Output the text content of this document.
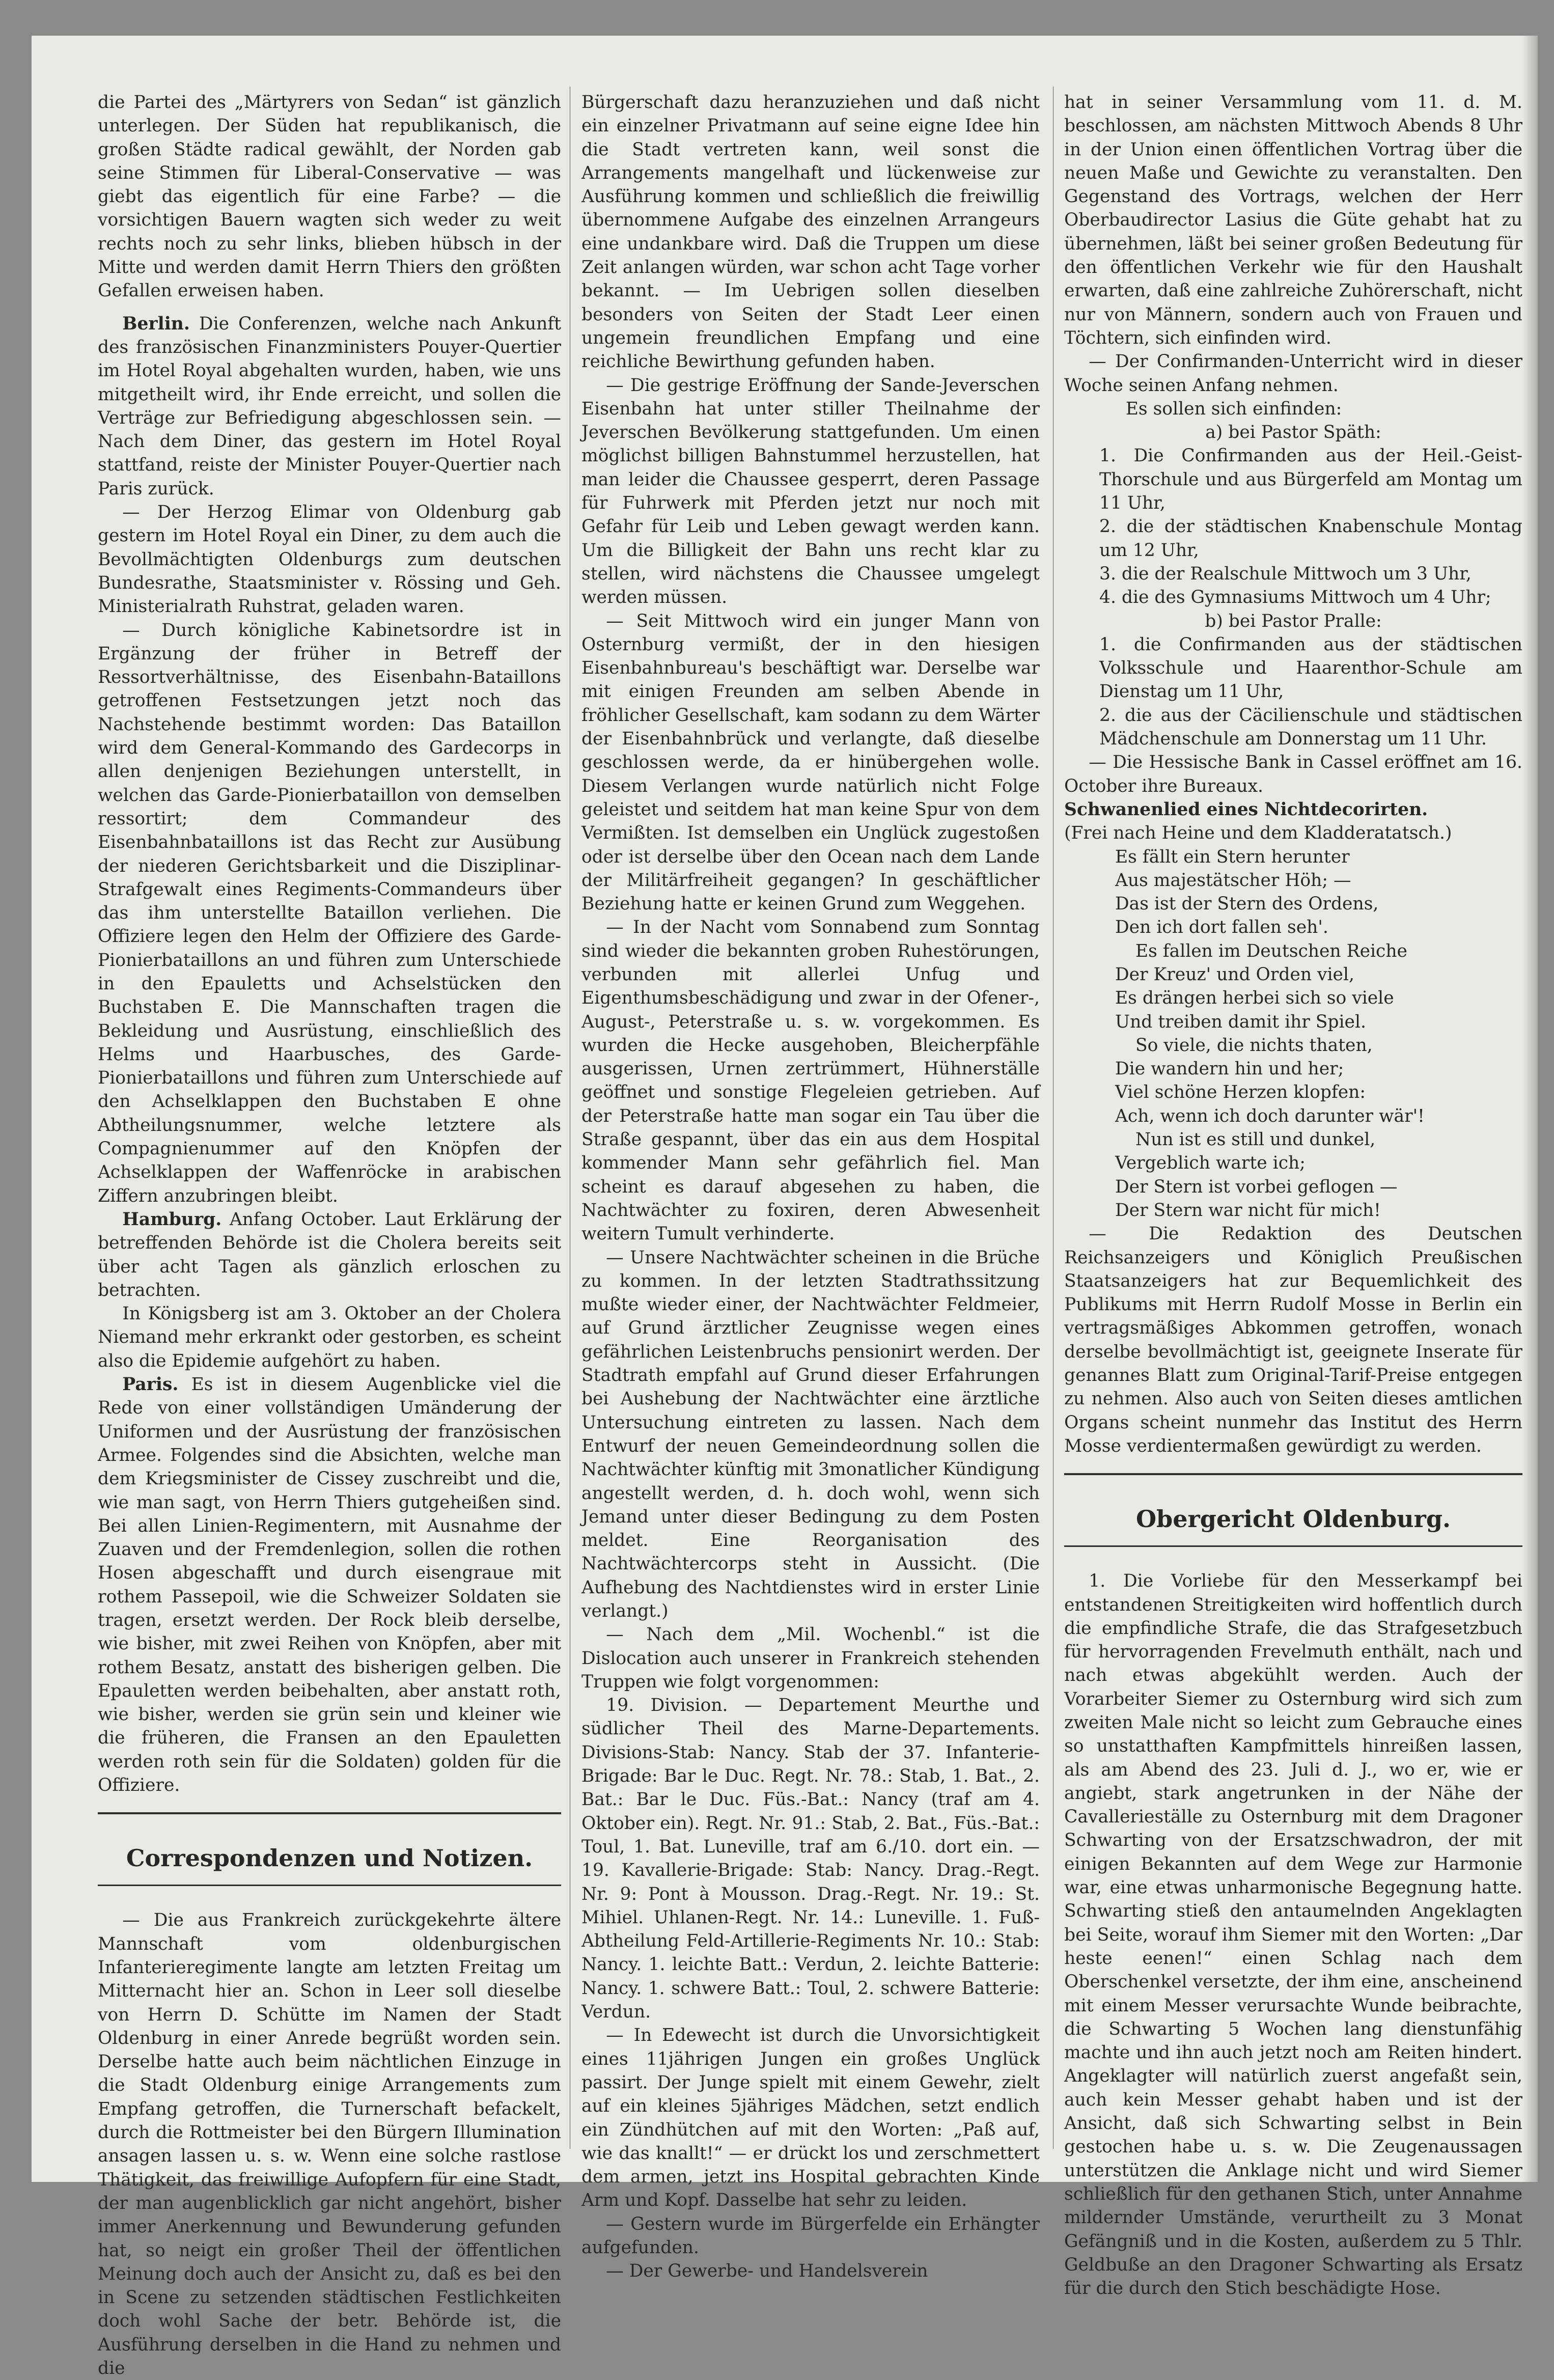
die Partei des „Märtyrers von Sedan“ ist gänzlich unterlegen. Der Süden hat republikanisch, die großen Städte radical gewählt, der Norden gab seine Stimmen für Liberal-Conservative — was giebt das eigentlich für eine Farbe? — die vorsichtigen Bauern wagten sich weder zu weit rechts noch zu sehr links, blieben hübsch in der Mitte und werden damit Herrn Thiers den größten Gefallen erweisen haben.

Berlin. Die Conferenzen, welche nach Ankunft des französischen Finanzministers Pouyer-Quertier im Hotel Royal abgehalten wurden, haben, wie uns mitgetheilt wird, ihr Ende erreicht, und sollen die Verträge zur Befriedigung abgeschlossen sein. — Nach dem Diner, das gestern im Hotel Royal stattfand, reiste der Minister Pouyer-Quertier nach Paris zurück.

— Der Herzog Elimar von Oldenburg gab gestern im Hotel Royal ein Diner, zu dem auch die Bevollmächtigten Oldenburgs zum deutschen Bundesrathe, Staatsminister v. Rössing und Geh. Ministerialrath Ruhstrat, geladen waren.

— Durch königliche Kabinetsordre ist in Ergänzung der früher in Betreff der Ressortverhältnisse, des Eisenbahn-Bataillons getroffenen Festsetzungen jetzt noch das Nachstehende bestimmt worden: Das Bataillon wird dem General-Kommando des Gardecorps in allen denjenigen Beziehungen unterstellt, in welchen das Garde-Pionierbataillon von demselben ressortirt; dem Commandeur des Eisenbahnbataillons ist das Recht zur Ausübung der niederen Gerichtsbarkeit und die Disziplinar-Strafgewalt eines Regiments-Commandeurs über das ihm unterstellte Bataillon verliehen. Die Offiziere legen den Helm der Offiziere des Garde-Pionierbataillons an und führen zum Unterschiede in den Epauletts und Achselstücken den Buchstaben E. Die Mannschaften tragen die Bekleidung und Ausrüstung, einschließlich des Helms und Haarbusches, des Garde-Pionierbataillons und führen zum Unterschiede auf den Achselklappen den Buchstaben E ohne Abtheilungsnummer, welche letztere als Compagnienummer auf den Knöpfen der Achselklappen der Waffenröcke in arabischen Ziffern anzubringen bleibt.

Hamburg. Anfang October. Laut Erklärung der betreffenden Behörde ist die Cholera bereits seit über acht Tagen als gänzlich erloschen zu betrachten.

In Königsberg ist am 3. Oktober an der Cholera Niemand mehr erkrankt oder gestorben, es scheint also die Epidemie aufgehört zu haben.

Paris. Es ist in diesem Augenblicke viel die Rede von einer vollständigen Umänderung der Uniformen und der Ausrüstung der französischen Armee. Folgendes sind die Absichten, welche man dem Kriegsminister de Cissey zuschreibt und die, wie man sagt, von Herrn Thiers gutgeheißen sind. Bei allen Linien-Regimentern, mit Ausnahme der Zuaven und der Fremdenlegion, sollen die rothen Hosen abgeschafft und durch eisengraue mit rothem Passepoil, wie die Schweizer Soldaten sie tragen, ersetzt werden. Der Rock bleib derselbe, wie bisher, mit zwei Reihen von Knöpfen, aber mit rothem Besatz, anstatt des bisherigen gelben. Die Epauletten werden beibehalten, aber anstatt roth, wie bisher, werden sie grün sein und kleiner wie die früheren, die Fransen an den Epauletten werden roth sein für die Soldaten) golden für die Offiziere.

Correspondenzen und Notizen.

— Die aus Frankreich zurückgekehrte ältere Mannschaft vom oldenburgischen Infanterieregimente langte am letzten Freitag um Mitternacht hier an. Schon in Leer soll dieselbe von Herrn D. Schütte im Namen der Stadt Oldenburg in einer Anrede begrüßt worden sein. Derselbe hatte auch beim nächtlichen Einzuge in die Stadt Oldenburg einige Arrangements zum Empfang getroffen, die Turnerschaft befackelt, durch die Rottmeister bei den Bürgern Illumination ansagen lassen u. s. w. Wenn eine solche rastlose Thätigkeit, das freiwillige Aufopfern für eine Stadt, der man augenblicklich gar nicht angehört, bisher immer Anerkennung und Bewunderung gefunden hat, so neigt ein großer Theil der öffentlichen Meinung doch auch der Ansicht zu, daß es bei den in Scene zu setzenden städtischen Festlichkeiten doch wohl Sache der betr. Behörde ist, die Ausführung derselben in die Hand zu nehmen und die

Bürgerschaft dazu heranzuziehen und daß nicht ein einzelner Privatmann auf seine eigne Idee hin die Stadt vertreten kann, weil sonst die Arrangements mangelhaft und lückenweise zur Ausführung kommen und schließlich die freiwillig übernommene Aufgabe des einzelnen Arrangeurs eine undankbare wird. Daß die Truppen um diese Zeit anlangen würden, war schon acht Tage vorher bekannt. — Im Uebrigen sollen dieselben besonders von Seiten der Stadt Leer einen ungemein freundlichen Empfang und eine reichliche Bewirthung gefunden haben.

— Die gestrige Eröffnung der Sande-Jeverschen Eisenbahn hat unter stiller Theilnahme der Jeverschen Bevölkerung stattgefunden. Um einen möglichst billigen Bahnstummel herzustellen, hat man leider die Chaussee gesperrt, deren Passage für Fuhrwerk mit Pferden jetzt nur noch mit Gefahr für Leib und Leben gewagt werden kann. Um die Billigkeit der Bahn uns recht klar zu stellen, wird nächstens die Chaussee umgelegt werden müssen.

— Seit Mittwoch wird ein junger Mann von Osternburg vermißt, der in den hiesigen Eisenbahnbureau's beschäftigt war. Derselbe war mit einigen Freunden am selben Abende in fröhlicher Gesellschaft, kam sodann zu dem Wärter der Eisenbahnbrück und verlangte, daß dieselbe geschlossen werde, da er hinübergehen wolle. Diesem Verlangen wurde natürlich nicht Folge geleistet und seitdem hat man keine Spur von dem Vermißten. Ist demselben ein Unglück zugestoßen oder ist derselbe über den Ocean nach dem Lande der Militärfreiheit gegangen? In geschäftlicher Beziehung hatte er keinen Grund zum Weggehen.

— In der Nacht vom Sonnabend zum Sonntag sind wieder die bekannten groben Ruhestörungen, verbunden mit allerlei Unfug und Eigenthumsbeschädigung und zwar in der Ofener-, August-, Peterstraße u. s. w. vorgekommen. Es wurden die Hecke ausgehoben, Bleicherpfähle ausgerissen, Urnen zertrümmert, Hühnerställe geöffnet und sonstige Flegeleien getrieben. Auf der Peterstraße hatte man sogar ein Tau über die Straße gespannt, über das ein aus dem Hospital kommender Mann sehr gefährlich fiel. Man scheint es darauf abgesehen zu haben, die Nachtwächter zu foxiren, deren Abwesenheit weitern Tumult verhinderte.

— Unsere Nachtwächter scheinen in die Brüche zu kommen. In der letzten Stadtrathssitzung mußte wieder einer, der Nachtwächter Feldmeier, auf Grund ärztlicher Zeugnisse wegen eines gefährlichen Leistenbruchs pensionirt werden. Der Stadtrath empfahl auf Grund dieser Erfahrungen bei Aushebung der Nachtwächter eine ärztliche Untersuchung eintreten zu lassen. Nach dem Entwurf der neuen Gemeindeordnung sollen die Nachtwächter künftig mit 3monatlicher Kündigung angestellt werden, d. h. doch wohl, wenn sich Jemand unter dieser Bedingung zu dem Posten meldet. Eine Reorganisation des Nachtwächtercorps steht in Aussicht. (Die Aufhebung des Nachtdienstes wird in erster Linie verlangt.)

— Nach dem „Mil. Wochenbl.“ ist die Dislocation auch unserer in Frankreich stehenden Truppen wie folgt vorgenommen:

19. Division. — Departement Meurthe und südlicher Theil des Marne-Departements. Divisions-Stab: Nancy. Stab der 37. Infanterie-Brigade: Bar le Duc. Regt. Nr. 78.: Stab, 1. Bat., 2. Bat.: Bar le Duc. Füs.-Bat.: Nancy (traf am 4. Oktober ein). Regt. Nr. 91.: Stab, 2. Bat., Füs.-Bat.: Toul, 1. Bat. Luneville, traf am 6./10. dort ein. — 19. Kavallerie-Brigade: Stab: Nancy. Drag.-Regt. Nr. 9: Pont à Mousson. Drag.-Regt. Nr. 19.: St. Mihiel. Uhlanen-Regt. Nr. 14.: Luneville. 1. Fuß-Abtheilung Feld-Artillerie-Regiments Nr. 10.: Stab: Nancy. 1. leichte Batt.: Verdun, 2. leichte Batterie: Nancy. 1. schwere Batt.: Toul, 2. schwere Batterie: Verdun.

— In Edewecht ist durch die Unvorsichtigkeit eines 11jährigen Jungen ein großes Unglück passirt. Der Junge spielt mit einem Gewehr, zielt auf ein kleines 5jähriges Mädchen, setzt endlich ein Zündhütchen auf mit den Worten: „Paß auf, wie das knallt!“ — er drückt los und zerschmettert dem armen, jetzt ins Hospital gebrachten Kinde Arm und Kopf. Dasselbe hat sehr zu leiden.

— Gestern wurde im Bürgerfelde ein Erhängter aufgefunden.

— Der Gewerbe- und Handelsverein

hat in seiner Versammlung vom 11. d. M. beschlossen, am nächsten Mittwoch Abends 8 Uhr in der Union einen öffentlichen Vortrag über die neuen Maße und Gewichte zu veranstalten. Den Gegenstand des Vortrags, welchen der Herr Oberbaudirector Lasius die Güte gehabt hat zu übernehmen, läßt bei seiner großen Bedeutung für den öffentlichen Verkehr wie für den Haushalt erwarten, daß eine zahlreiche Zuhörerschaft, nicht nur von Männern, sondern auch von Frauen und Töchtern, sich einfinden wird.

— Der Confirmanden-Unterricht wird in dieser Woche seinen Anfang nehmen.

Es sollen sich einfinden:

a) bei Pastor Späth:

1. Die Confirmanden aus der Heil.-Geist-Thorschule und aus Bürgerfeld am Montag um 11 Uhr,

2. die der städtischen Knabenschule Montag um 12 Uhr,

3. die der Realschule Mittwoch um 3 Uhr,

4. die des Gymnasiums Mittwoch um 4 Uhr;

b) bei Pastor Pralle:

1. die Confirmanden aus der städtischen Volksschule und Haarenthor-Schule am Dienstag um 11 Uhr,

2. die aus der Cäcilienschule und städtischen Mädchenschule am Donnerstag um 11 Uhr.

— Die Hessische Bank in Cassel eröffnet am 16. October ihre Bureaux.

Schwanenlied eines Nichtdecorirten.

(Frei nach Heine und dem Kladderatatsch.)

Es fällt ein Stern herunter

Aus majestätscher Höh; —

Das ist der Stern des Ordens,

Den ich dort fallen seh'.

Es fallen im Deutschen Reiche

Der Kreuz' und Orden viel,

Es drängen herbei sich so viele

Und treiben damit ihr Spiel.

So viele, die nichts thaten,

Die wandern hin und her;

Viel schöne Herzen klopfen:

Ach, wenn ich doch darunter wär'!

Nun ist es still und dunkel,

Vergeblich warte ich;

Der Stern ist vorbei geflogen —

Der Stern war nicht für mich!

— Die Redaktion des Deutschen Reichsanzeigers und Königlich Preußischen Staatsanzeigers hat zur Bequemlichkeit des Publikums mit Herrn Rudolf Mosse in Berlin ein vertragsmäßiges Abkommen getroffen, wonach derselbe bevollmächtigt ist, geeignete Inserate für genannes Blatt zum Original-Tarif-Preise entgegen zu nehmen. Also auch von Seiten dieses amtlichen Organs scheint nunmehr das Institut des Herrn Mosse verdientermaßen gewürdigt zu werden.

Obergericht Oldenburg.

1. Die Vorliebe für den Messerkampf bei entstandenen Streitigkeiten wird hoffentlich durch die empfindliche Strafe, die das Strafgesetzbuch für hervorragenden Frevelmuth enthält, nach und nach etwas abgekühlt werden. Auch der Vorarbeiter Siemer zu Osternburg wird sich zum zweiten Male nicht so leicht zum Gebrauche eines so unstatthaften Kampfmittels hinreißen lassen, als am Abend des 23. Juli d. J., wo er, wie er angiebt, stark angetrunken in der Nähe der Cavallerieställe zu Osternburg mit dem Dragoner Schwarting von der Ersatzschwadron, der mit einigen Bekannten auf dem Wege zur Harmonie war, eine etwas unharmonische Begegnung hatte. Schwarting stieß den antaumelnden Angeklagten bei Seite, worauf ihm Siemer mit den Worten: „Dar heste eenen!“ einen Schlag nach dem Oberschenkel versetzte, der ihm eine, anscheinend mit einem Messer verursachte Wunde beibrachte, die Schwarting 5 Wochen lang dienstunfähig machte und ihn auch jetzt noch am Reiten hindert. Angeklagter will natürlich zuerst angefaßt sein, auch kein Messer gehabt haben und ist der Ansicht, daß sich Schwarting selbst in Bein gestochen habe u. s. w. Die Zeugenaussagen unterstützen die Anklage nicht und wird Siemer schließlich für den gethanen Stich, unter Annahme mildernder Umstände, verurtheilt zu 3 Monat Gefängniß und in die Kosten, außerdem zu 5 Thlr. Geldbuße an den Dragoner Schwarting als Ersatz für die durch den Stich beschädigte Hose.
